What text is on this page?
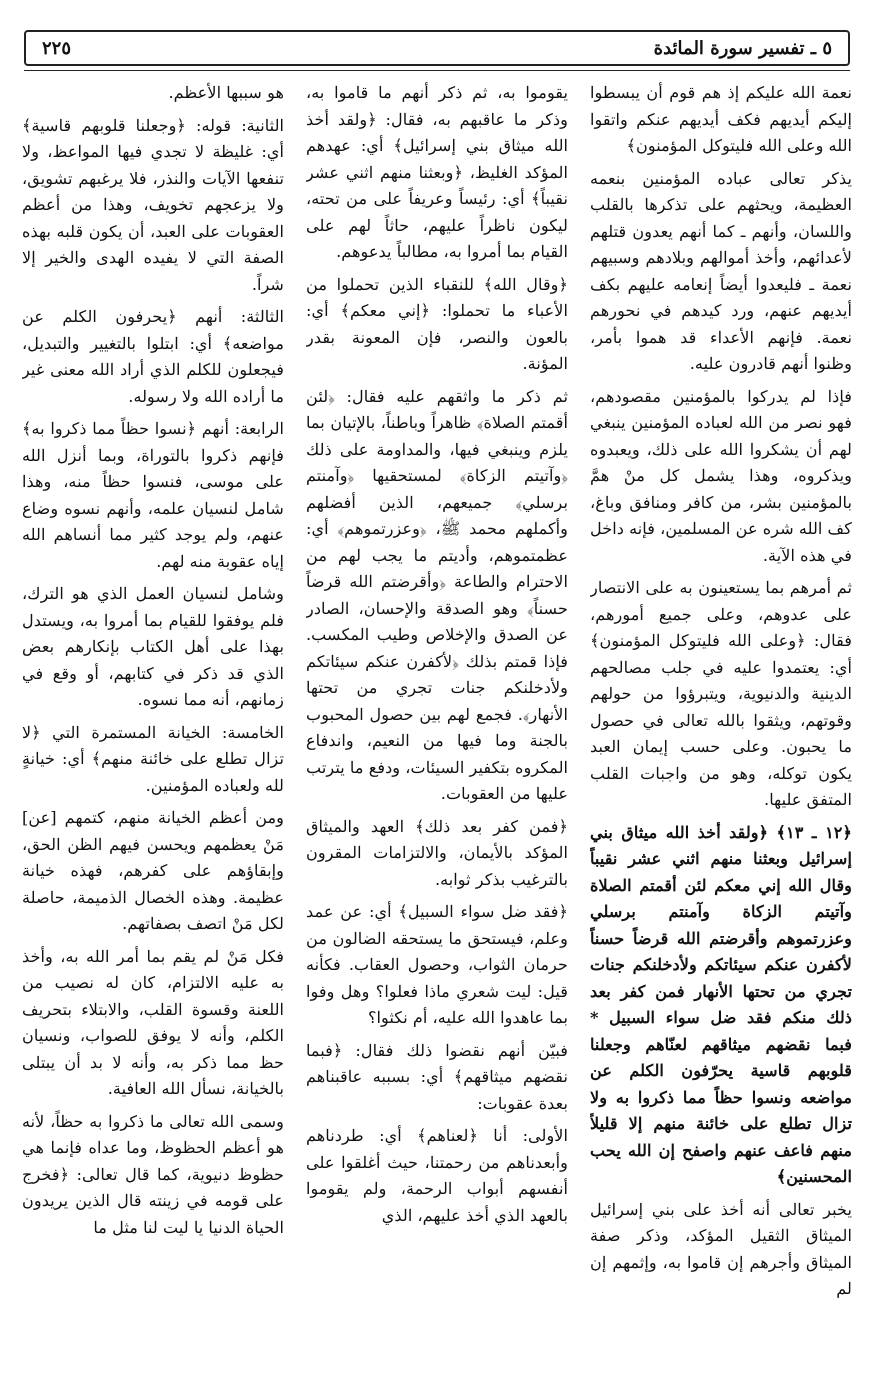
٥ ـ تفسير سورة المائدة
٢٢٥

نعمة الله عليكم إذ هم قوم أن يبسطوا إليكم أيديهم فكف أيديهم عنكم واتقوا الله وعلى الله فليتوكل المؤمنون﴾

يذكر تعالى عباده المؤمنين بنعمه العظيمة، ويحثهم على تذكرها بالقلب واللسان، وأنهم ـ كما أنهم يعدون قتلهم لأعدائهم، وأخذ أموالهم وبلادهم وسبيهم نعمة ـ فليعدوا أيضاً إنعامه عليهم بكف أيديهم عنهم، ورد كيدهم في نحورهم نعمة. فإنهم الأعداء قد هموا بأمر، وظنوا أنهم قادرون عليه.

فإذا لم يدركوا بالمؤمنين مقصودهم، فهو نصر من الله لعباده المؤمنين ينبغي لهم أن يشكروا الله على ذلك، ويعبدوه ويذكروه، وهذا يشمل كل منْ همَّ بالمؤمنين بشر، من كافر ومنافق وباغ، كف الله شره عن المسلمين، فإنه داخل في هذه الآية.

ثم أمرهم بما يستعينون به على الانتصار على عدوهم، وعلى جميع أمورهم، فقال: ﴿وعلى الله فليتوكل المؤمنون﴾ أي: يعتمدوا عليه في جلب مصالحهم الدينية والدنيوية، ويتبرؤوا من حولهم وقوتهم، ويثقوا بالله تعالى في حصول ما يحبون. وعلى حسب إيمان العبد يكون توكله، وهو من واجبات القلب المتفق عليها.

﴿١٢ ـ ١٣﴾ ﴿ولقد أخذ الله ميثاق بني إسرائيل وبعثنا منهم اثني عشر نقيباً وقال الله إني معكم لئن أقمتم الصلاة وآتيتم الزكاة وآمنتم برسلي وعزرتموهم وأقرضتم الله قرضاً حسناً لأكفرن عنكم سيئاتكم ولأدخلنكم جنات تجري من تحتها الأنهار فمن كفر بعد ذلك منكم فقد ضل سواء السبيل * فبما نقضهم ميثاقهم لعنّاهم وجعلنا قلوبهم قاسية يحرّفون الكلم عن مواضعه ونسوا حظاً مما ذكروا به ولا تزال تطلع على خائنة منهم إلا قليلاً منهم فاعف عنهم واصفح إن الله يحب المحسنين﴾

يخبر تعالى أنه أخذ على بني إسرائيل الميثاق الثقيل المؤكد، وذكر صفة الميثاق وأجرهم إن قاموا به، وإثمهم إن لم

يقوموا به، ثم ذكر أنهم ما قاموا به، وذكر ما عاقبهم به، فقال: ﴿ولقد أخذ الله ميثاق بني إسرائيل﴾ أي: عهدهم المؤكد الغليظ، ﴿وبعثنا منهم اثني عشر نقيباً﴾ أي: رئيساً وعريفاً على من تحته، ليكون ناظراً عليهم، حاثاً لهم على القيام بما أمروا به، مطالباً يدعوهم.

﴿وقال الله﴾ للنقباء الذين تحملوا من الأعباء ما تحملوا: ﴿إني معكم﴾ أي: بالعون والنصر، فإن المعونة بقدر المؤنة.

ثم ذكر ما واثقهم عليه فقال: ﴿لئن أقمتم الصلاة﴾ ظاهراً وباطناً، بالإتيان بما يلزم وينبغي فيها، والمداومة على ذلك ﴿وآتيتم الزكاة﴾ لمستحقيها ﴿وآمنتم برسلي﴾ جميعهم، الذين أفضلهم وأكملهم محمد ﷺ، ﴿وعزرتموهم﴾ أي: عظمتموهم، وأديتم ما يجب لهم من الاحترام والطاعة ﴿وأقرضتم الله قرضاً حسناً﴾ وهو الصدقة والإحسان، الصادر عن الصدق والإخلاص وطيب المكسب. فإذا قمتم بذلك ﴿لأكفرن عنكم سيئاتكم ولأدخلنكم جنات تجري من تحتها الأنهار﴾. فجمع لهم بين حصول المحبوب بالجنة وما فيها من النعيم، واندفاع المكروه بتكفير السيئات، ودفع ما يترتب عليها من العقوبات.

﴿فمن كفر بعد ذلك﴾ العهد والميثاق المؤكد بالأيمان، والالتزامات المقرون بالترغيب بذكر ثوابه.

﴿فقد ضل سواء السبيل﴾ أي: عن عمد وعلم، فيستحق ما يستحقه الضالون من حرمان الثواب، وحصول العقاب. فكأنه قيل: ليت شعري ماذا فعلوا؟ وهل وفوا بما عاهدوا الله عليه، أم نكثوا؟

فبيّن أنهم نقضوا ذلك فقال: ﴿فبما نقضهم ميثاقهم﴾ أي: بسببه عاقبناهم بعدة عقوبات:

الأولى: أنا ﴿لعناهم﴾ أي: طردناهم وأبعدناهم من رحمتنا، حيث أغلقوا على أنفسهم أبواب الرحمة، ولم يقوموا بالعهد الذي أخذ عليهم، الذي

هو سببها الأعظم.

الثانية: قوله: ﴿وجعلنا قلوبهم قاسية﴾ أي: غليظة لا تجدي فيها المواعظ، ولا تنفعها الآيات والنذر، فلا يرغبهم تشويق، ولا يزعجهم تخويف، وهذا من أعظم العقوبات على العبد، أن يكون قلبه بهذه الصفة التي لا يفيده الهدى والخير إلا شراً.

الثالثة: أنهم ﴿يحرفون الكلم عن مواضعه﴾ أي: ابتلوا بالتغيير والتبديل، فيجعلون للكلم الذي أراد الله معنى غير ما أراده الله ولا رسوله.

الرابعة: أنهم ﴿نسوا حظاً مما ذكروا به﴾ فإنهم ذكروا بالتوراة، وبما أنزل الله على موسى، فنسوا حظاً منه، وهذا شامل لنسيان علمه، وأنهم نسوه وضاع عنهم، ولم يوجد كثير مما أنساهم الله إياه عقوبة منه لهم.

وشامل لنسيان العمل الذي هو الترك، فلم يوفقوا للقيام بما أمروا به، ويستدل بهذا على أهل الكتاب بإنكارهم بعض الذي قد ذكر في كتابهم، أو وقع في زمانهم، أنه مما نسوه.

الخامسة: الخيانة المستمرة التي ﴿لا تزال تطلع على خائنة منهم﴾ أي: خيانةٍ لله ولعباده المؤمنين.

ومن أعظم الخيانة منهم، كتمهم [عن] مَنْ يعظمهم ويحسن فيهم الظن الحق، وإبقاؤهم على كفرهم، فهذه خيانة عظيمة. وهذه الخصال الذميمة، حاصلة لكل مَنْ اتصف بصفاتهم.

فكل مَنْ لم يقم بما أمر الله به، وأخذ به عليه الالتزام، كان له نصيب من اللعنة وقسوة القلب، والابتلاء بتحريف الكلم، وأنه لا يوفق للصواب، ونسيان حظ مما ذكر به، وأنه لا بد أن يبتلى بالخيانة، نسأل الله العافية.

وسمى الله تعالى ما ذكروا به حظاً، لأنه هو أعظم الحظوظ، وما عداه فإنما هي حظوظ دنيوية، كما قال تعالى: ﴿فخرج على قومه في زينته قال الذين يريدون الحياة الدنيا يا ليت لنا مثل ما
